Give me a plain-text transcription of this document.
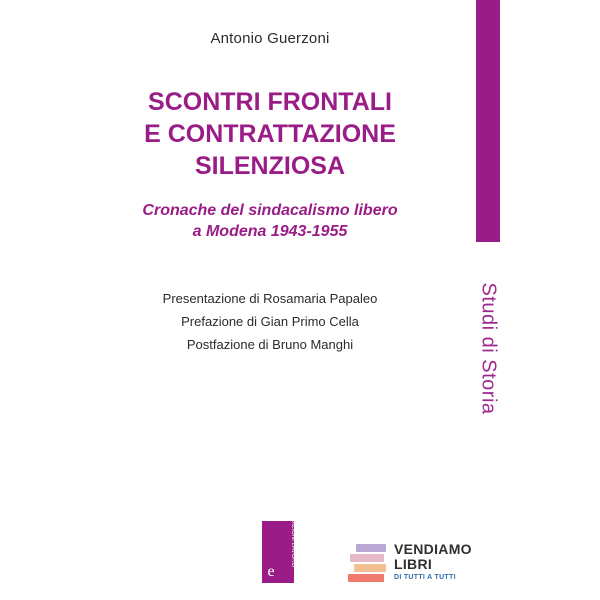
Antonio Guerzoni
SCONTRI FRONTALI
E CONTRATTAZIONE
SILENZIOSA
Cronache del sindacalismo libero
a Modena 1943-1955
Presentazione di Rosamaria Papaleo
Prefazione di Gian Primo Cella
Postfazione di Bruno Manghi	Studi di Storia
e
EDIZIONI LAVORO	VENDIAMO
LIBRI
DI TUTTI A TUTTI
